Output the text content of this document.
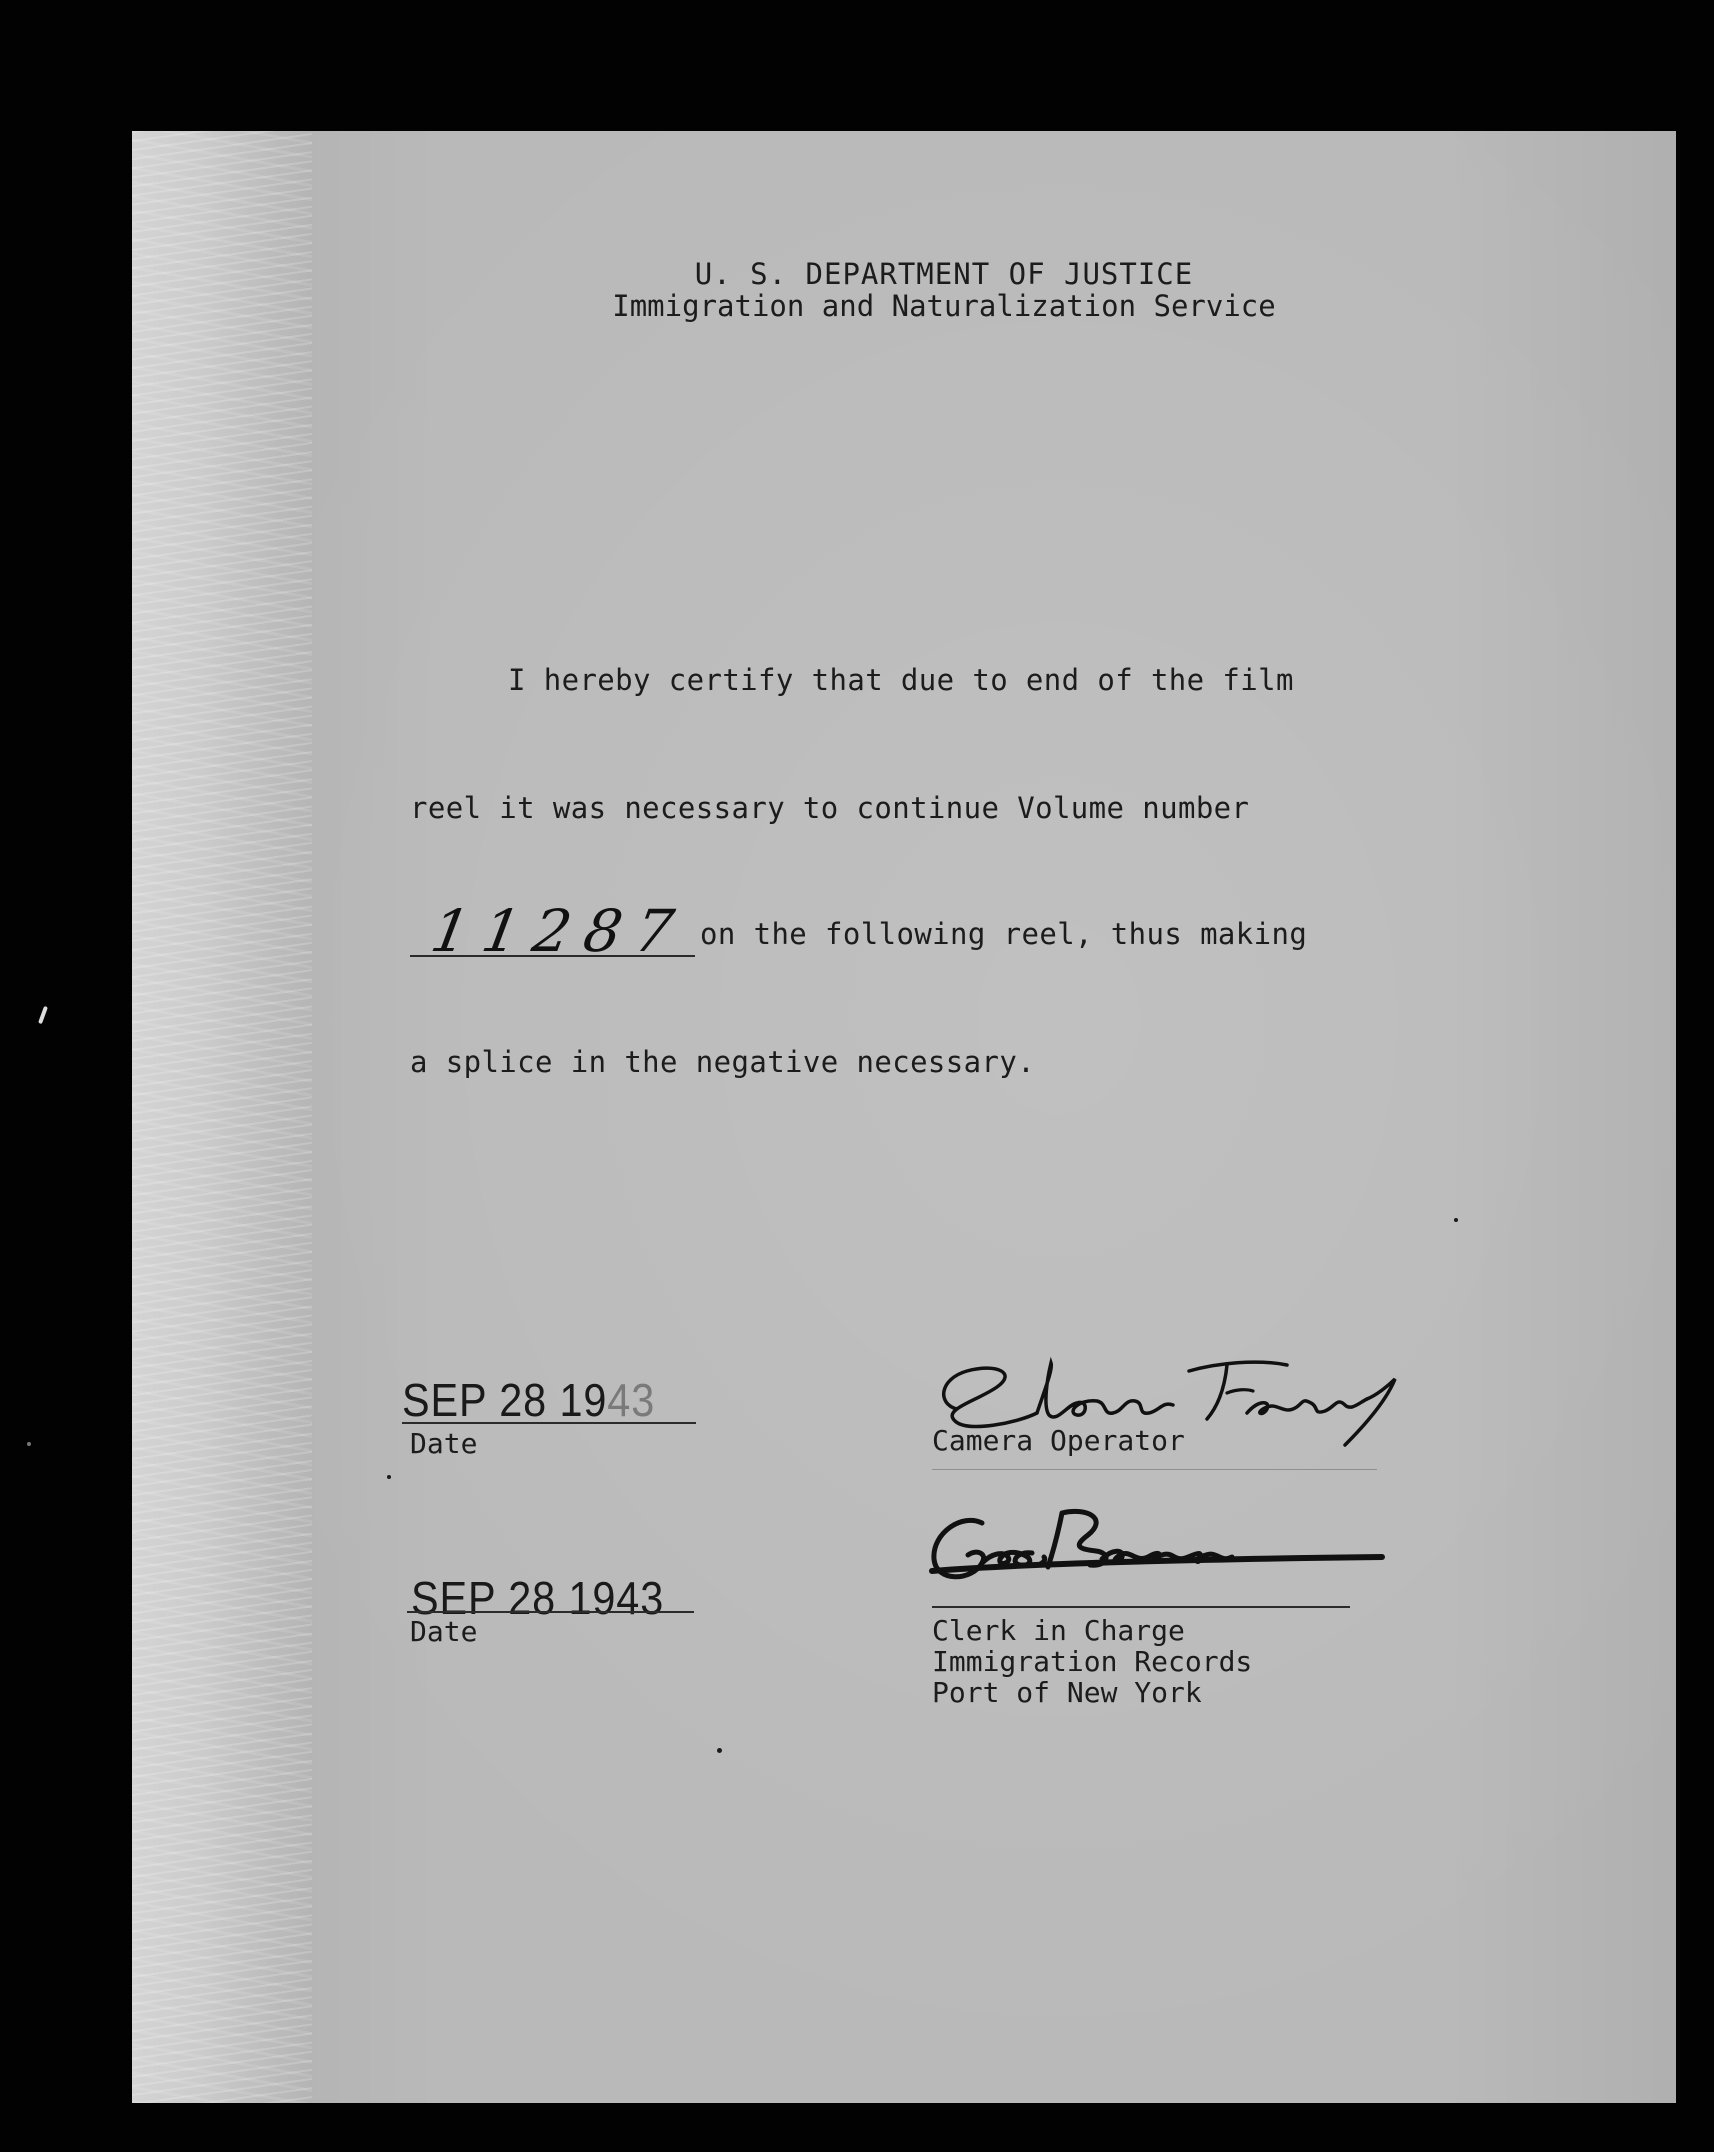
U. S. DEPARTMENT OF JUSTICE
Immigration and Naturalization Service
I hereby certify that due to end of the film
reel it was necessary to continue Volume number
11287 on the following reel, thus making
a splice in the negative necessary.
SEP 28 1943
Date
SEP 28 1943
Date
Camera Operator
Clerk in Charge
Immigration Records
Port of New York
